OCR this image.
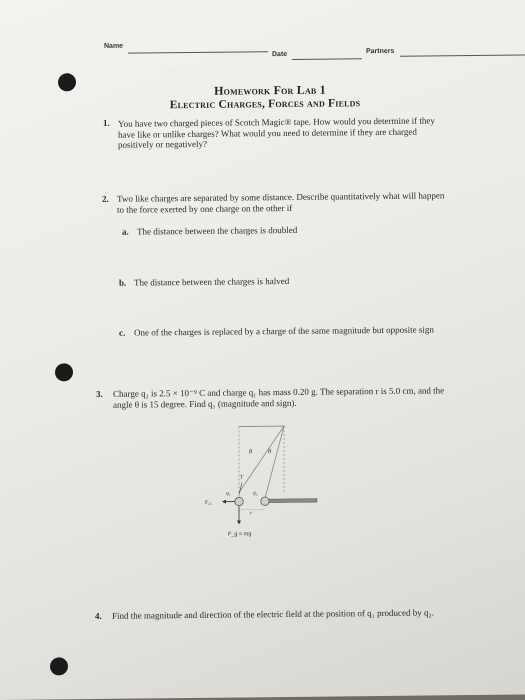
· · ·
Name
Date	Partners
Homework For Lab 1
Electric Charges, Forces and Fields
1. You have two charged pieces of Scotch Magic® tape. How would you determine if they have like or unlike charges? What would you need to determine if they are charged positively or negatively?
2. Two like charges are separated by some distance. Describe quantitatively what will happen to the force exerted by one charge on the other if
a. The distance between the charges is doubled
b. The distance between the charges is halved
c. One of the charges is replaced by a charge of the same magnitude but opposite sign
3. Charge q₂ is 2.5 × 10⁻⁹ C and charge q₁ has mass 0.20 g. The separation r is 5.0 cm, and the angle θ is 15 degree. Find q₁ (magnitude and sign).
θ θ
T
q₁	q₂
F₂₁
r
F_g = mg
4. Find the magnitude and direction of the electric field at the position of q₁ produced by q₂.
